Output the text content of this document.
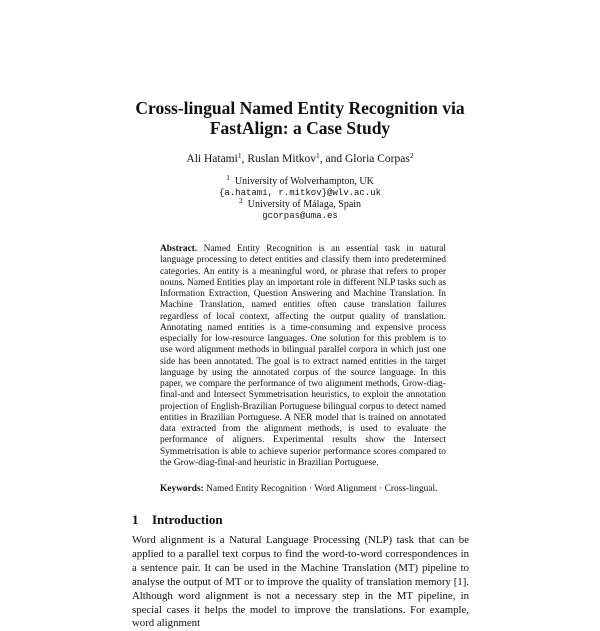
Cross-lingual Named Entity Recognition via
FastAlign: a Case Study
Ali Hatami$^1$, Ruslan Mitkov$^1$, and Gloria Corpas$^2$
$^1$ University of Wolverhampton, UK
{a.hatami, r.mitkov}@wlv.ac.uk
$^2$ University of Málaga, Spain
gcorpas@uma.es
Abstract. Named Entity Recognition is an essential task in natural language processing to detect entities and classify them into predetermined categories. An entity is a meaningful word, or phrase that refers to proper nouns. Named Entities play an important role in different NLP tasks such as Information Extraction, Question Answering and Machine Translation. In Machine Translation, named entities often cause translation failures regardless of local context, affecting the output quality of translation. Annotating named entities is a time-consuming and expensive process especially for low-resource languages. One solution for this problem is to use word alignment methods in bilingual parallel corpora in which just one side has been annotated. The goal is to extract named entities in the target language by using the annotated corpus of the source language. In this paper, we compare the performance of two alignment methods, Grow-diag-final-and and Intersect Symmetrisation heuristics, to exploit the annotation projection of English-Brazilian Portuguese bilingual corpus to detect named entities in Brazilian Portuguese. A NER model that is trained on annotated data extracted from the alignment methods, is used to evaluate the performance of aligners. Experimental results show the Intersect Symmetrisation is able to achieve superior performance scores compared to the Grow-diag-final-and heuristic in Brazilian Portuguese.
Keywords: Named Entity Recognition · Word Alignment · Cross-lingual.
1 Introduction
Word alignment is a Natural Language Processing (NLP) task that can be applied to a parallel text corpus to find the word-to-word correspondences in a sentence pair. It can be used in the Machine Translation (MT) pipeline to analyse the output of MT or to improve the quality of translation memory [1]. Although word alignment is not a necessary step in the MT pipeline, in special cases it helps the model to improve the translations. For example, word alignment
